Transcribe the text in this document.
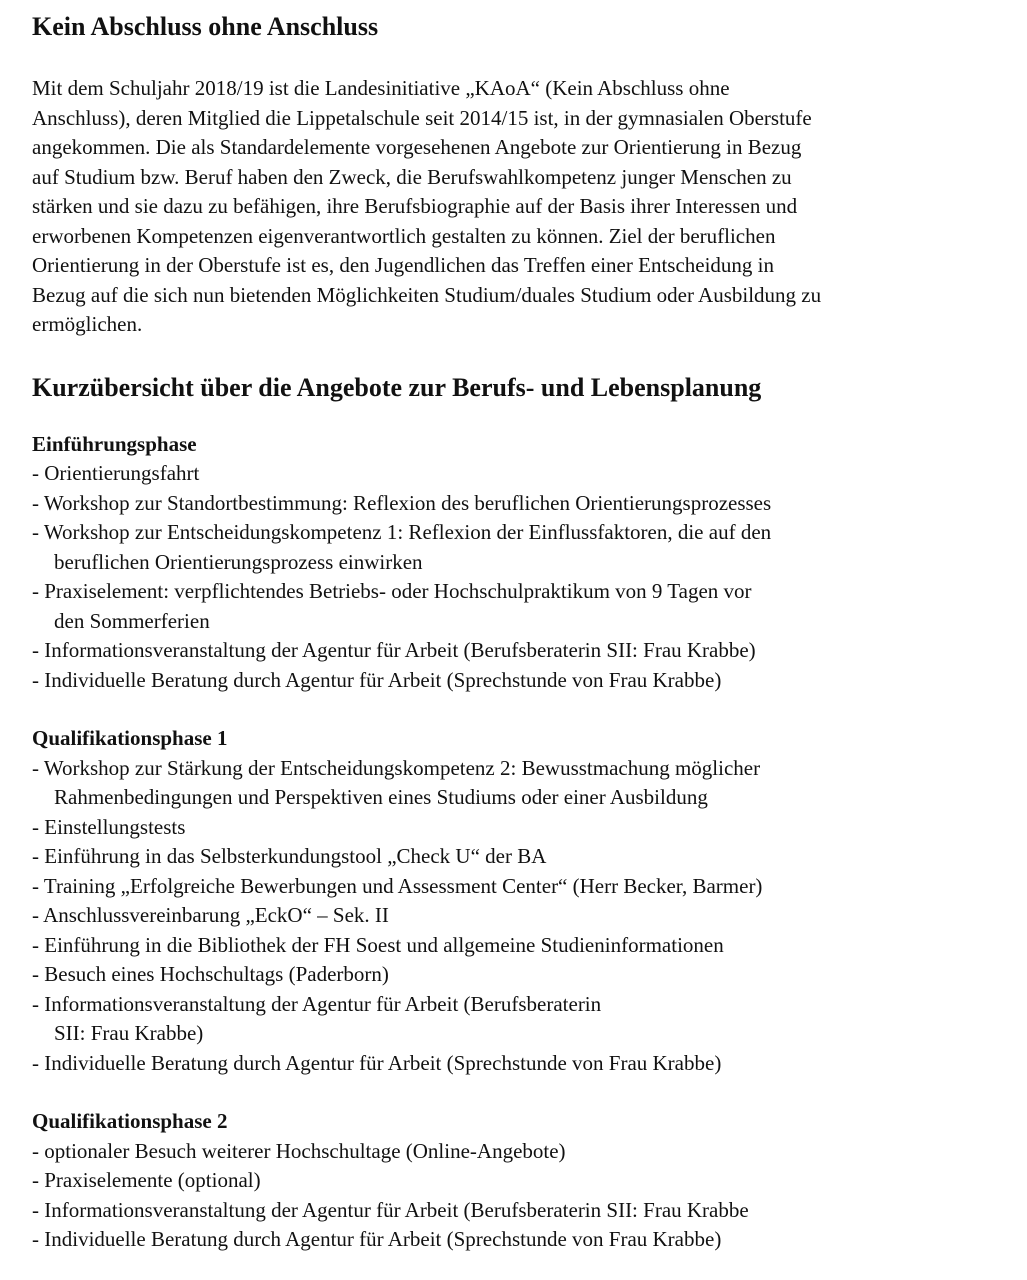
Kein Abschluss ohne Anschluss

Mit dem Schuljahr 2018/19 ist die Landesinitiative „KAoA“ (Kein Abschluss ohne
Anschluss), deren Mitglied die Lippetalschule seit 2014/15 ist, in der gymnasialen Oberstufe
angekommen. Die als Standardelemente vorgesehenen Angebote zur Orientierung in Bezug
auf Studium bzw. Beruf haben den Zweck, die Berufswahlkompetenz junger Menschen zu
stärken und sie dazu zu befähigen, ihre Berufsbiographie auf der Basis ihrer Interessen und
erworbenen Kompetenzen eigenverantwortlich gestalten zu können. Ziel der beruflichen
Orientierung in der Oberstufe ist es, den Jugendlichen das Treffen einer Entscheidung in
Bezug auf die sich nun bietenden Möglichkeiten Studium/duales Studium oder Ausbildung zu
ermöglichen.

Kurzübersicht über die Angebote zur Berufs- und Lebensplanung
Einführungsphase
- Orientierungsfahrt
- Workshop zur Standortbestimmung: Reflexion des beruflichen Orientierungsprozesses
- Workshop zur Entscheidungskompetenz 1: Reflexion der Einflussfaktoren, die auf den
beruflichen Orientierungsprozess einwirken
- Praxiselement: verpflichtendes Betriebs- oder Hochschulpraktikum von 9 Tagen vor
den Sommerferien
- Informationsveranstaltung der Agentur für Arbeit (Berufsberaterin SII: Frau Krabbe)
- Individuelle Beratung durch Agentur für Arbeit (Sprechstunde von Frau Krabbe)
Qualifikationsphase 1
- Workshop zur Stärkung der Entscheidungskompetenz 2: Bewusstmachung möglicher
Rahmenbedingungen und Perspektiven eines Studiums oder einer Ausbildung
- Einstellungstests
- Einführung in das Selbsterkundungstool „Check U“ der BA
- Training „Erfolgreiche Bewerbungen und Assessment Center“ (Herr Becker, Barmer)
- Anschlussvereinbarung „EckO“ – Sek. II
- Einführung in die Bibliothek der FH Soest und allgemeine Studieninformationen
- Besuch eines Hochschultags (Paderborn)
- Informationsveranstaltung der Agentur für Arbeit (Berufsberaterin
SII: Frau Krabbe)
- Individuelle Beratung durch Agentur für Arbeit (Sprechstunde von Frau Krabbe)
Qualifikationsphase 2
- optionaler Besuch weiterer Hochschultage (Online-Angebote)
- Praxiselemente (optional)
- Informationsveranstaltung der Agentur für Arbeit (Berufsberaterin SII: Frau Krabbe
- Individuelle Beratung durch Agentur für Arbeit (Sprechstunde von Frau Krabbe)
